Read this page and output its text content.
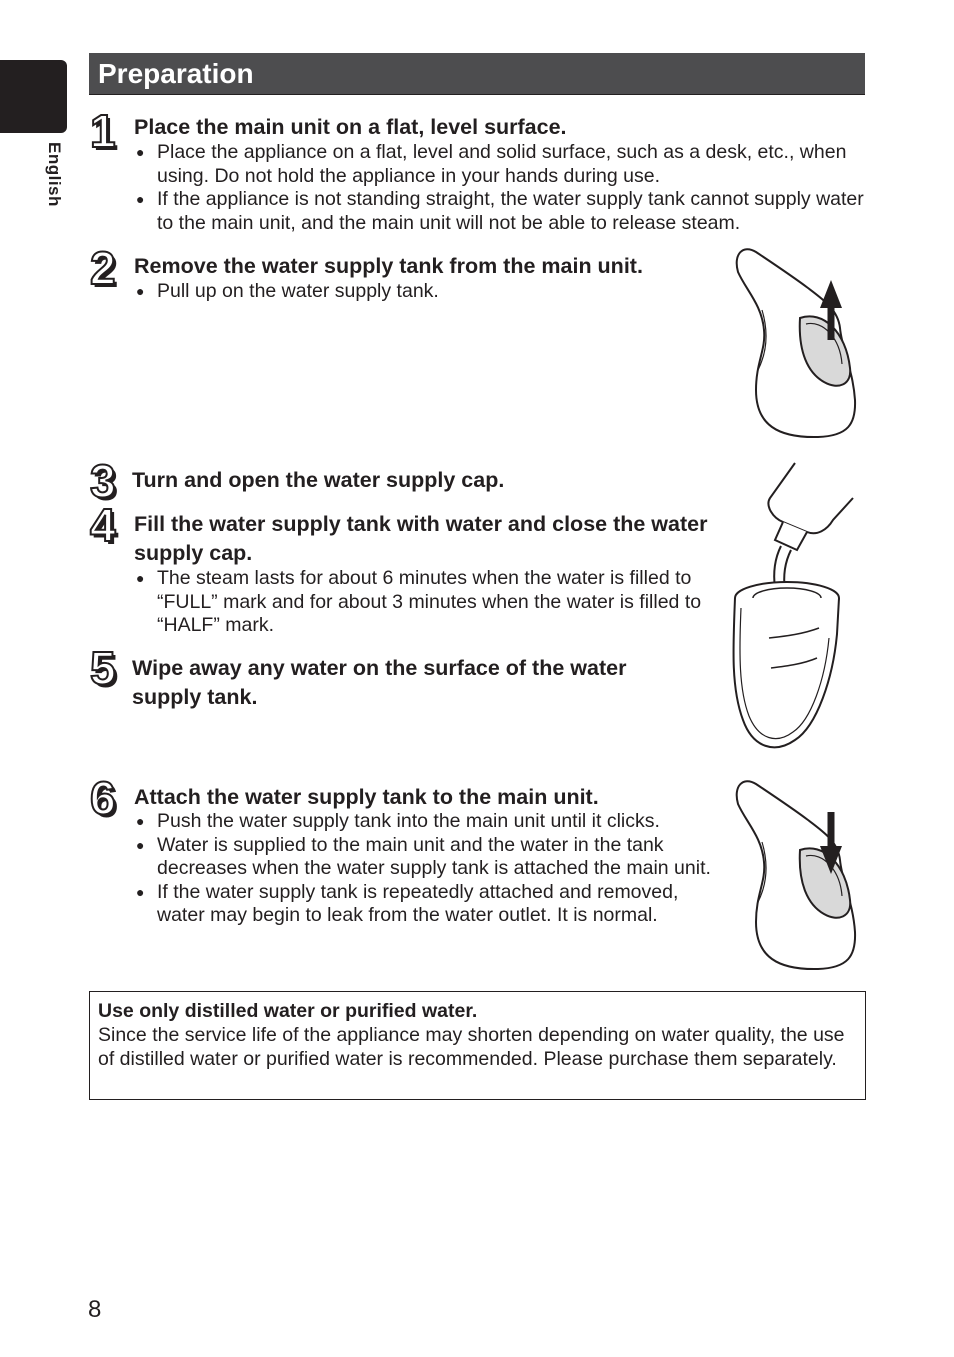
English
Preparation
1 Place the main unit on a flat, level surface.
● Place the appliance on a flat, level and solid surface, such as a desk, etc., when using. Do not hold the appliance in your hands during use.
● If the appliance is not standing straight, the water supply tank cannot supply water to the main unit, and the main unit will not be able to release steam.
2 Remove the water supply tank from the main unit.
● Pull up on the water supply tank.
3 Turn and open the water supply cap.
4 Fill the water supply tank with water and close the water supply cap.
● The steam lasts for about 6 minutes when the water is filled to “FULL” mark and for about 3 minutes when the water is filled to “HALF” mark.
5 Wipe away any water on the surface of the water supply tank.
6 Attach the water supply tank to the main unit.
● Push the water supply tank into the main unit until it clicks.
● Water is supplied to the main unit and the water in the tank decreases when the water supply tank is attached the main unit.
● If the water supply tank is repeatedly attached and removed, water may begin to leak from the water outlet. It is normal.
Use only distilled water or purified water.
Since the service life of the appliance may shorten depending on water quality, the use of distilled water or purified water is recommended. Please purchase them separately.
8
